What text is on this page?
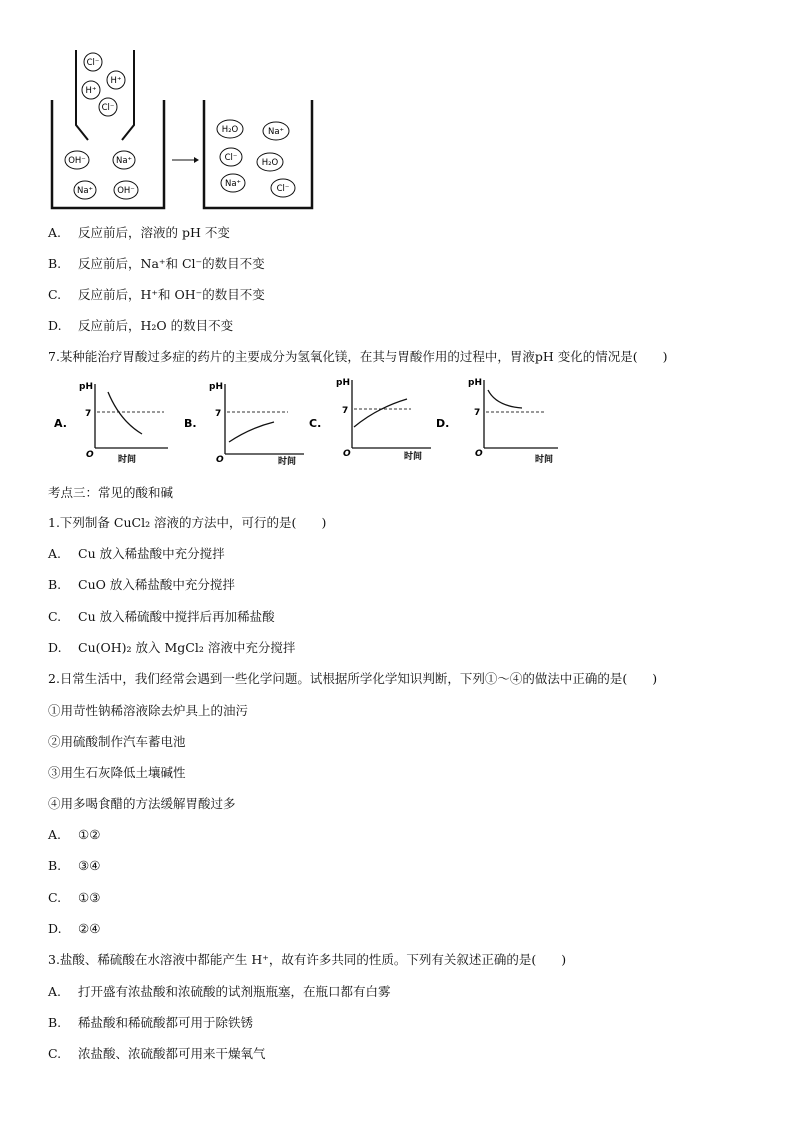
Cl⁻
H⁺
H⁺
Cl⁻
OH⁻	Na⁺
Na⁺	OH⁻
H₂O	Na⁺
Cl⁻	H₂O
Na⁺	Cl⁻
A. 反应前后，溶液的 pH 不变
B. 反应前后，Na⁺和 Cl⁻的数目不变
C. 反应前后，H⁺和 OH⁻的数目不变
D. 反应前后，H₂O 的数目不变
7.某种能治疗胃酸过多症的药片的主要成分为氢氧化镁，在其与胃酸作用的过程中，胃液pH 变化的情况是(　　)
A.
pH
7
O	时间
B.
pH
7
O	时间
C.
pH
7
O	时间
D.
pH
7
O
时间
考点三：常见的酸和碱
1.下列制备 CuCl₂ 溶液的方法中，可行的是(　　)
A. Cu 放入稀盐酸中充分搅拌
B. CuO 放入稀盐酸中充分搅拌
C. Cu 放入稀硫酸中搅拌后再加稀盐酸
D. Cu(OH)₂ 放入 MgCl₂ 溶液中充分搅拌
2.日常生活中，我们经常会遇到一些化学问题。试根据所学化学知识判断，下列①～④的做法中正确的是(　　)
①用苛性钠稀溶液除去炉具上的油污
②用硫酸制作汽车蓄电池
③用生石灰降低土壤碱性
④用多喝食醋的方法缓解胃酸过多
A. ①②
B. ③④
C. ①③
D. ②④
3.盐酸、稀硫酸在水溶液中都能产生 H⁺，故有许多共同的性质。下列有关叙述正确的是(　　)
A. 打开盛有浓盐酸和浓硫酸的试剂瓶瓶塞，在瓶口都有白雾
B. 稀盐酸和稀硫酸都可用于除铁锈
C. 浓盐酸、浓硫酸都可用来干燥氧气
